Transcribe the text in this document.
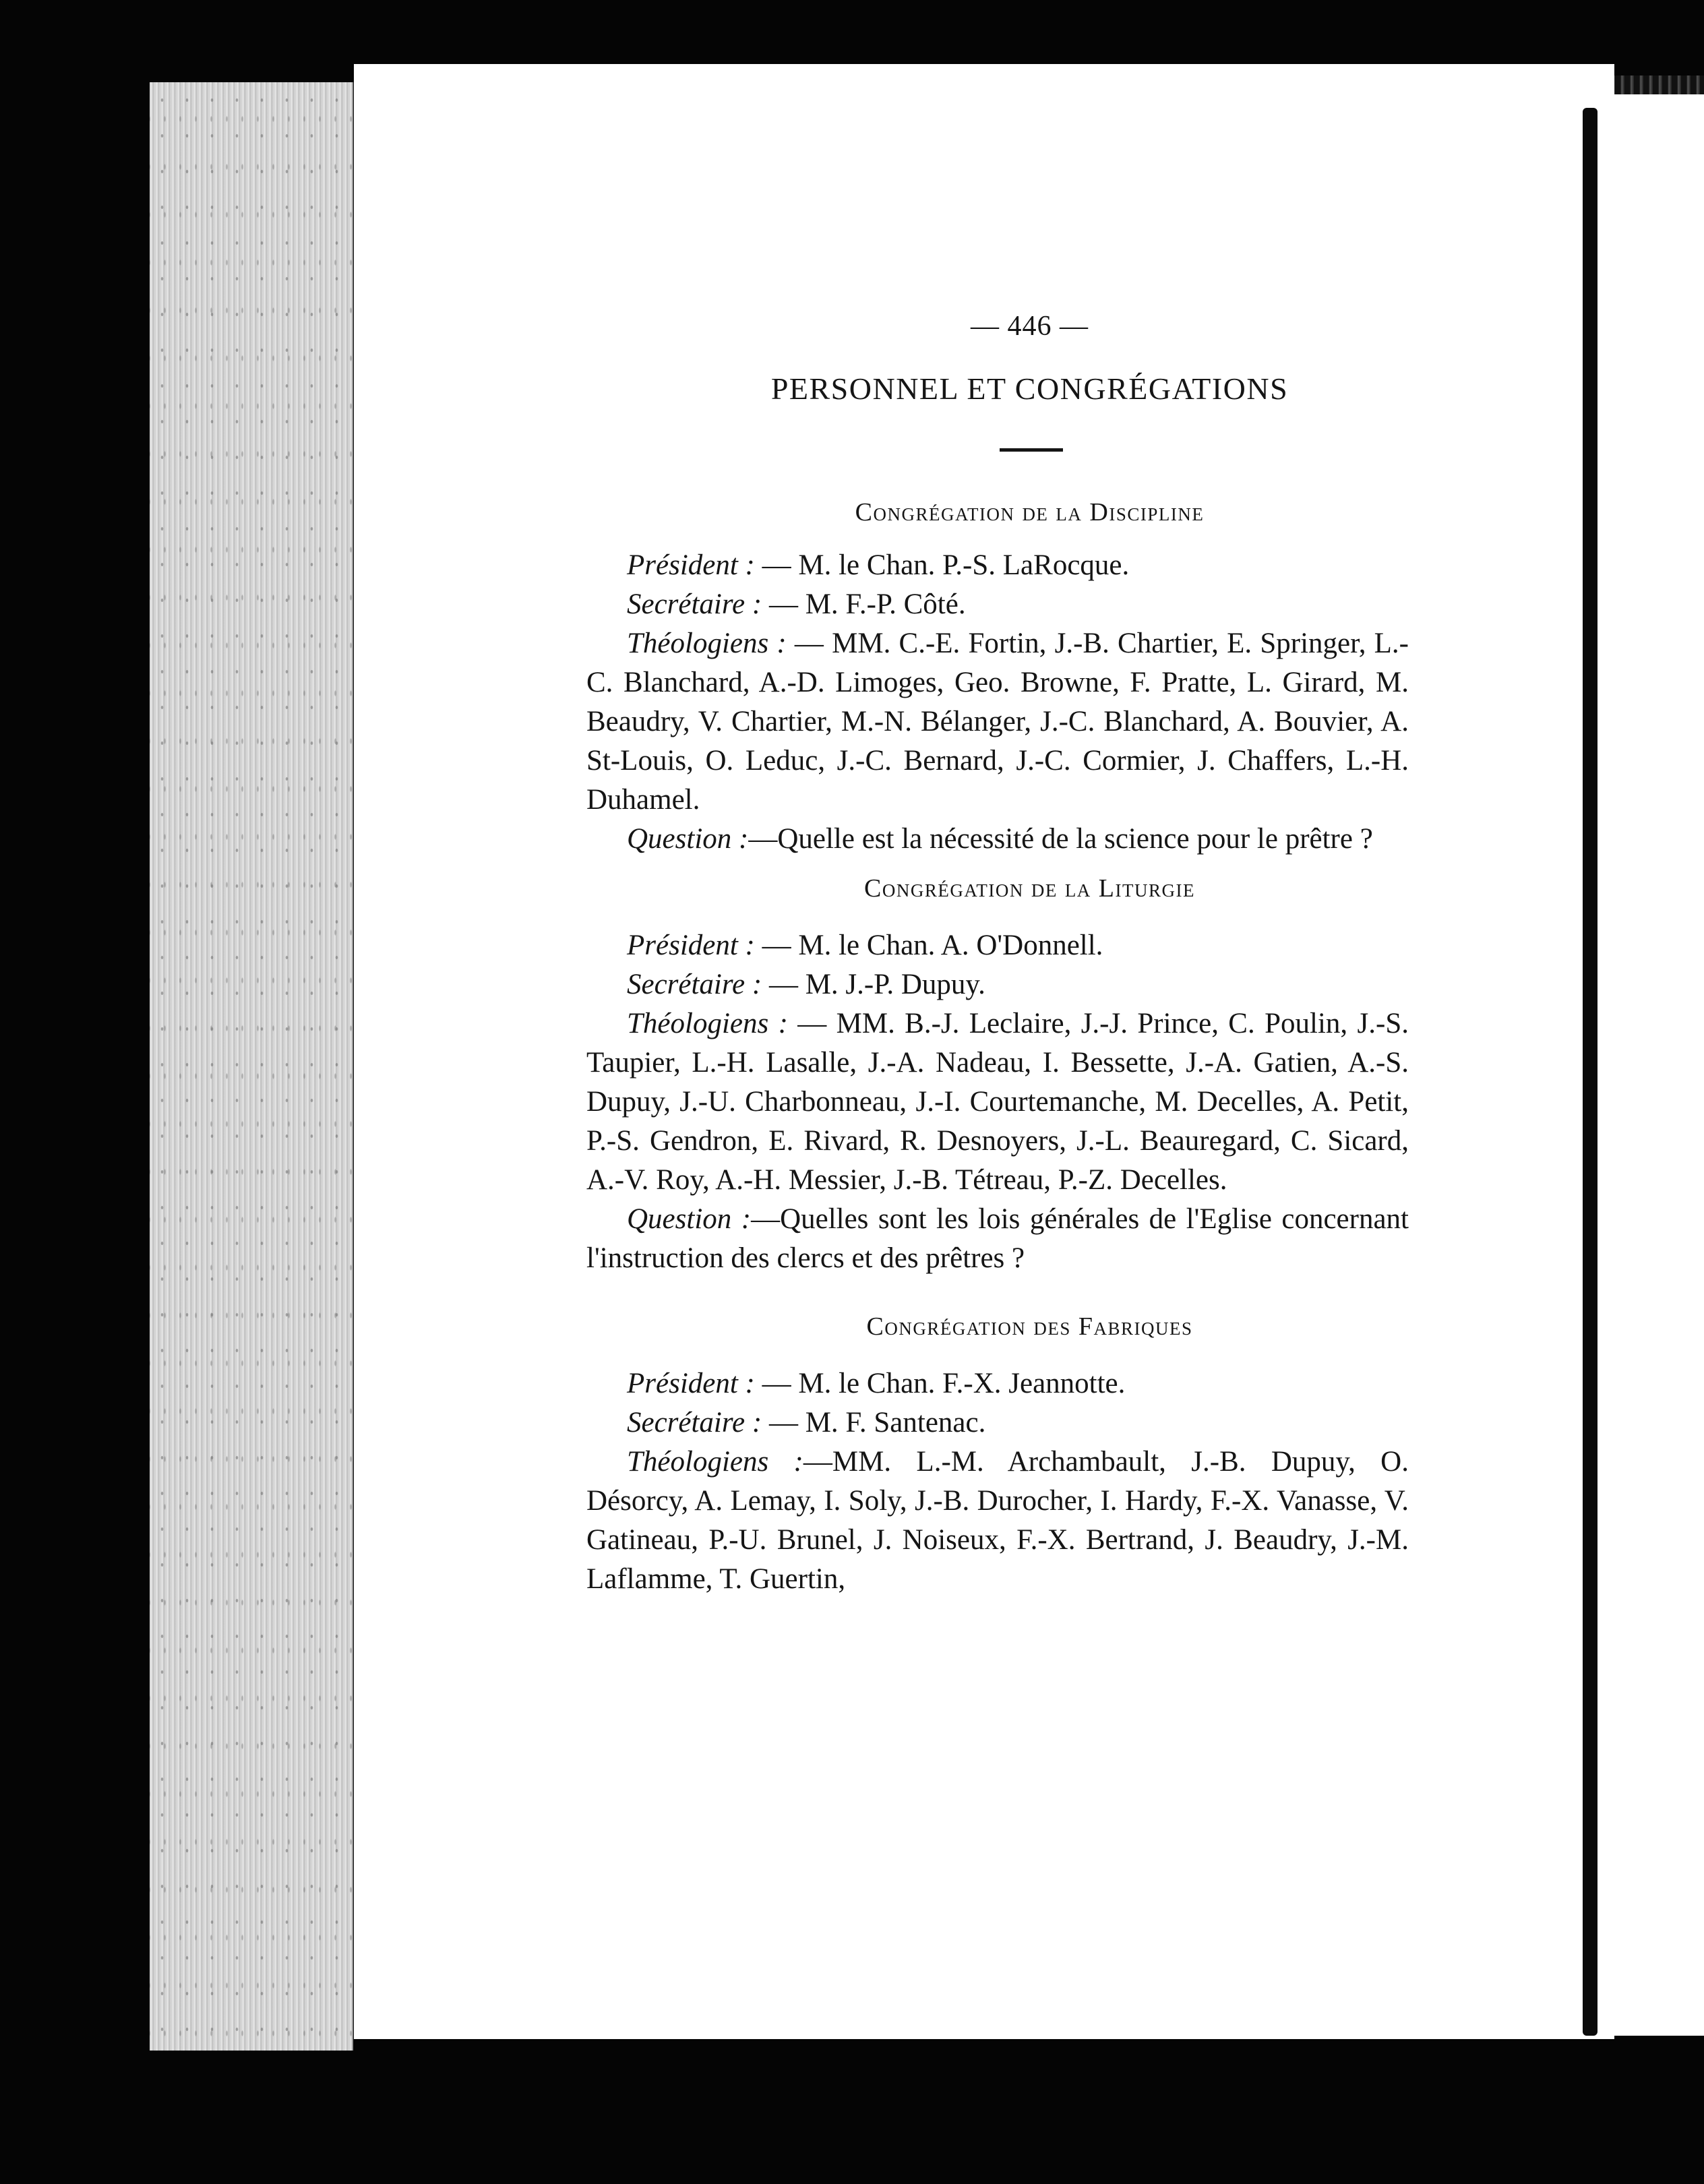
— 446 —
PERSONNEL ET CONGRÉGATIONS
Congrégation de la Discipline
Président : — M. le Chan. P.-S. LaRocque.
Secrétaire : — M. F.-P. Côté.
Théologiens : — MM. C.-E. Fortin, J.-B. Chartier, E. Springer, L.-C. Blanchard, A.-D. Limoges, Geo. Browne, F. Pratte, L. Girard, M. Beaudry, V. Chartier, M.-N. Bélanger, J.-C. Blanchard, A. Bouvier, A. St-Louis, O. Leduc, J.-C. Bernard, J.-C. Cormier, J. Chaffers, L.-H. Duhamel.
Question :—Quelle est la nécessité de la science pour le prêtre ?
Congrégation de la Liturgie
Président : — M. le Chan. A. O'Donnell.
Secrétaire : — M. J.-P. Dupuy.
Théologiens : — MM. B.-J. Leclaire, J.-J. Prince, C. Poulin, J.-S. Taupier, L.-H. Lasalle, J.-A. Nadeau, I. Bessette, J.-A. Gatien, A.-S. Dupuy, J.-U. Charbonneau, J.-I. Courtemanche, M. Decelles, A. Petit, P.-S. Gendron, E. Rivard, R. Desnoyers, J.-L. Beauregard, C. Sicard, A.-V. Roy, A.-H. Messier, J.-B. Tétreau, P.-Z. Decelles.
Question :—Quelles sont les lois générales de l'Eglise concernant l'instruction des clercs et des prêtres ?
Congrégation des Fabriques
Président : — M. le Chan. F.-X. Jeannotte.
Secrétaire : — M. F. Santenac.
Théologiens :—MM. L.-M. Archambault, J.-B. Dupuy, O. Désorcy, A. Lemay, I. Soly, J.-B. Durocher, I. Hardy, F.-X. Vanasse, V. Gatineau, P.-U. Brunel, J. Noiseux, F.-X. Bertrand, J. Beaudry, J.-M. Laflamme, T. Guertin,
